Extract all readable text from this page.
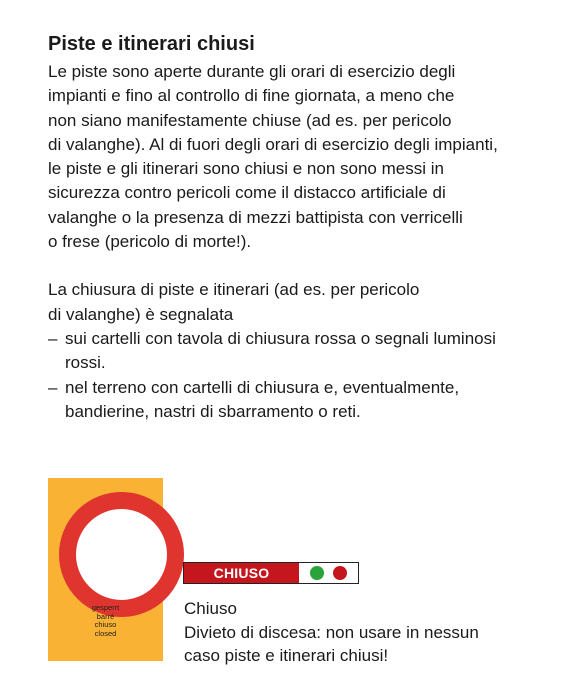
Piste e itinerari chiusi
Le piste sono aperte durante gli orari di esercizio degli
impianti e fino al controllo di fine giornata, a meno che
non siano manifestamente chiuse (ad es. per pericolo
di valanghe). Al di fuori degli orari di esercizio degli impianti,
le piste e gli itinerari sono chiusi e non sono messi in
sicurezza contro pericoli come il distacco artificiale di
valanghe o la presenza di mezzi battipista con verricelli
o frese (pericolo di morte!).
La chiusura di piste e itinerari (ad es. per pericolo
di valanghe) è segnalata
– sui cartelli con tavola di chiusura rossa o segnali luminosi
rossi.
– nel terreno con cartelli di chiusura e, eventualmente,
bandierine, nastri di sbarramento o reti.
gesperrt
barré
chiuso
closed
CHIUSO
Chiuso
Divieto di discesa: non usare in nessun
caso piste e itinerari chiusi!
